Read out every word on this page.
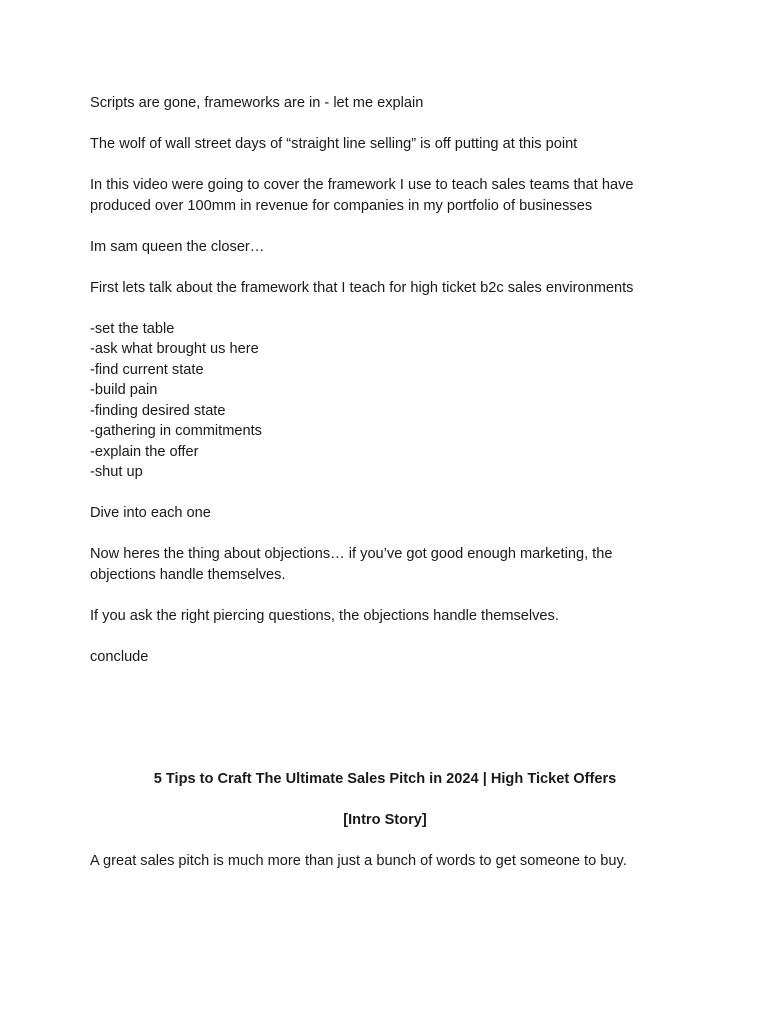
Scripts are gone, frameworks are in - let me explain

The wolf of wall street days of “straight line selling” is off putting at this point

In this video were going to cover the framework I use to teach sales teams that have produced over 100mm in revenue for companies in my portfolio of businesses

Im sam queen the closer…

First lets talk about the framework that I teach for high ticket b2c sales environments

-set the table

-ask what brought us here

-find current state

-build pain

-finding desired state

-gathering in commitments

-explain the offer

-shut up

Dive into each one

Now heres the thing about objections… if you’ve got good enough marketing, the objections handle themselves.

If you ask the right piercing questions, the objections handle themselves.

conclude

5 Tips to Craft The Ultimate Sales Pitch in 2024 | High Ticket Offers

[Intro Story]

A great sales pitch is much more than just a bunch of words to get someone to buy.
